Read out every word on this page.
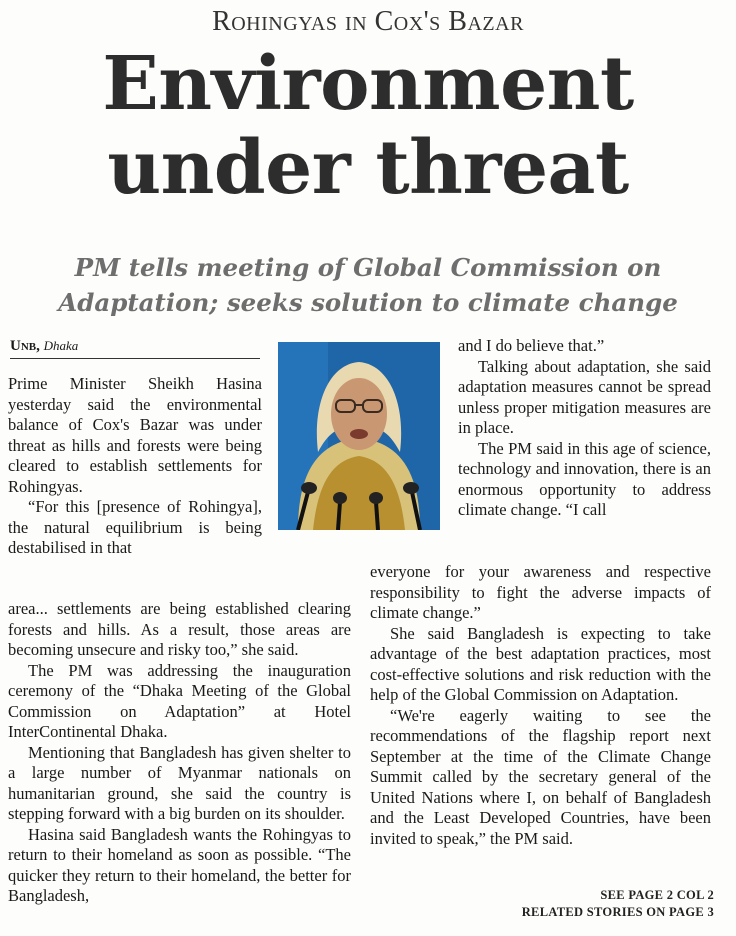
Rohingyas in Cox's Bazar
Environment
under threat
PM tells meeting of Global Commission on
Adaptation; seeks solution to climate change
Unb, Dhaka

Prime Minister Sheikh Hasina yesterday said the environmental balance of Cox's Bazar was under threat as hills and forests were being cleared to establish settlements for Rohingyas.

“For this [presence of Rohingya], the natural equilibrium is being destabilised in that

area... settlements are being established clearing forests and hills. As a result, those areas are becoming unsecure and risky too,” she said.

The PM was addressing the inauguration ceremony of the “Dhaka Meeting of the Global Commission on Adaptation” at Hotel InterContinental Dhaka.

Mentioning that Bangladesh has given shelter to a large number of Myanmar nationals on humanitarian ground, she said the country is stepping forward with a big burden on its shoulder.

Hasina said Bangladesh wants the Rohingyas to return to their homeland as soon as possible. “The quicker they return to their homeland, the better for Bangladesh,

and I do believe that.”

Talking about adaptation, she said adaptation measures cannot be spread unless proper mitigation measures are in place.

The PM said in this age of science, technology and innovation, there is an enormous opportunity to address climate change. “I call

everyone for your awareness and respective responsibility to fight the adverse impacts of climate change.”

She said Bangladesh is expecting to take advantage of the best adaptation practices, most cost-effective solutions and risk reduction with the help of the Global Commission on Adaptation.

“We're eagerly waiting to see the recommendations of the flagship report next September at the time of the Climate Change Summit called by the secretary general of the United Nations where I, on behalf of Bangladesh and the Least Developed Countries, have been invited to speak,” the PM said.

SEE PAGE 2 COL 2
RELATED STORIES ON PAGE 3
